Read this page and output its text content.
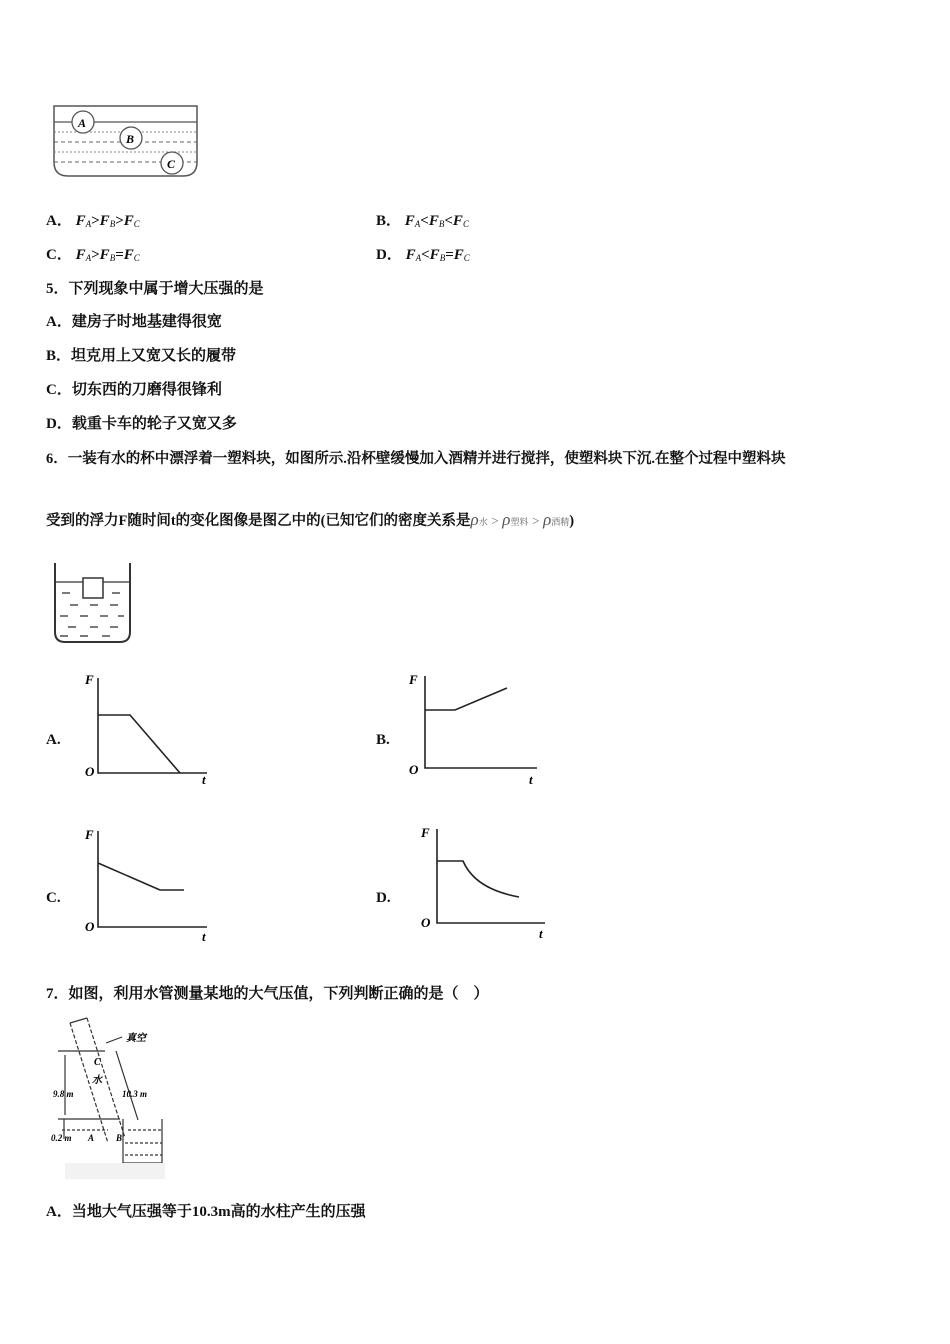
A
B
C
A． $F_A>F_B>F_C$	B． $F_A<F_B<F_C$
C． $F_A>F_B=F_C$	D． $F_A<F_B=F_C$
5．下列现象中属于增大压强的是
A．建房子时地基建得很宽
B．坦克用上又宽又长的履带
C．切东西的刀磨得很锋利
D．载重卡车的轮子又宽又多
6．一装有水的杯中漂浮着一塑料块，如图所示.沿杯壁缓慢加入酒精并进行搅拌，使塑料块下沉.在整个过程中塑料块
受到的浮力F随时间t的变化图像是图乙中的(已知它们的密度关系是ρ水 > ρ塑料 > ρ酒精)
A.	B.
C.	D.
F
O
t
F
O
t
F
O
t
F
O
t
7．如图，利用水管测量某地的大气压值，下列判断正确的是（　）
真空
C
水
9.8 m	10.3 m
0.2 m A B
A．当地大气压强等于10.3m高的水柱产生的压强
